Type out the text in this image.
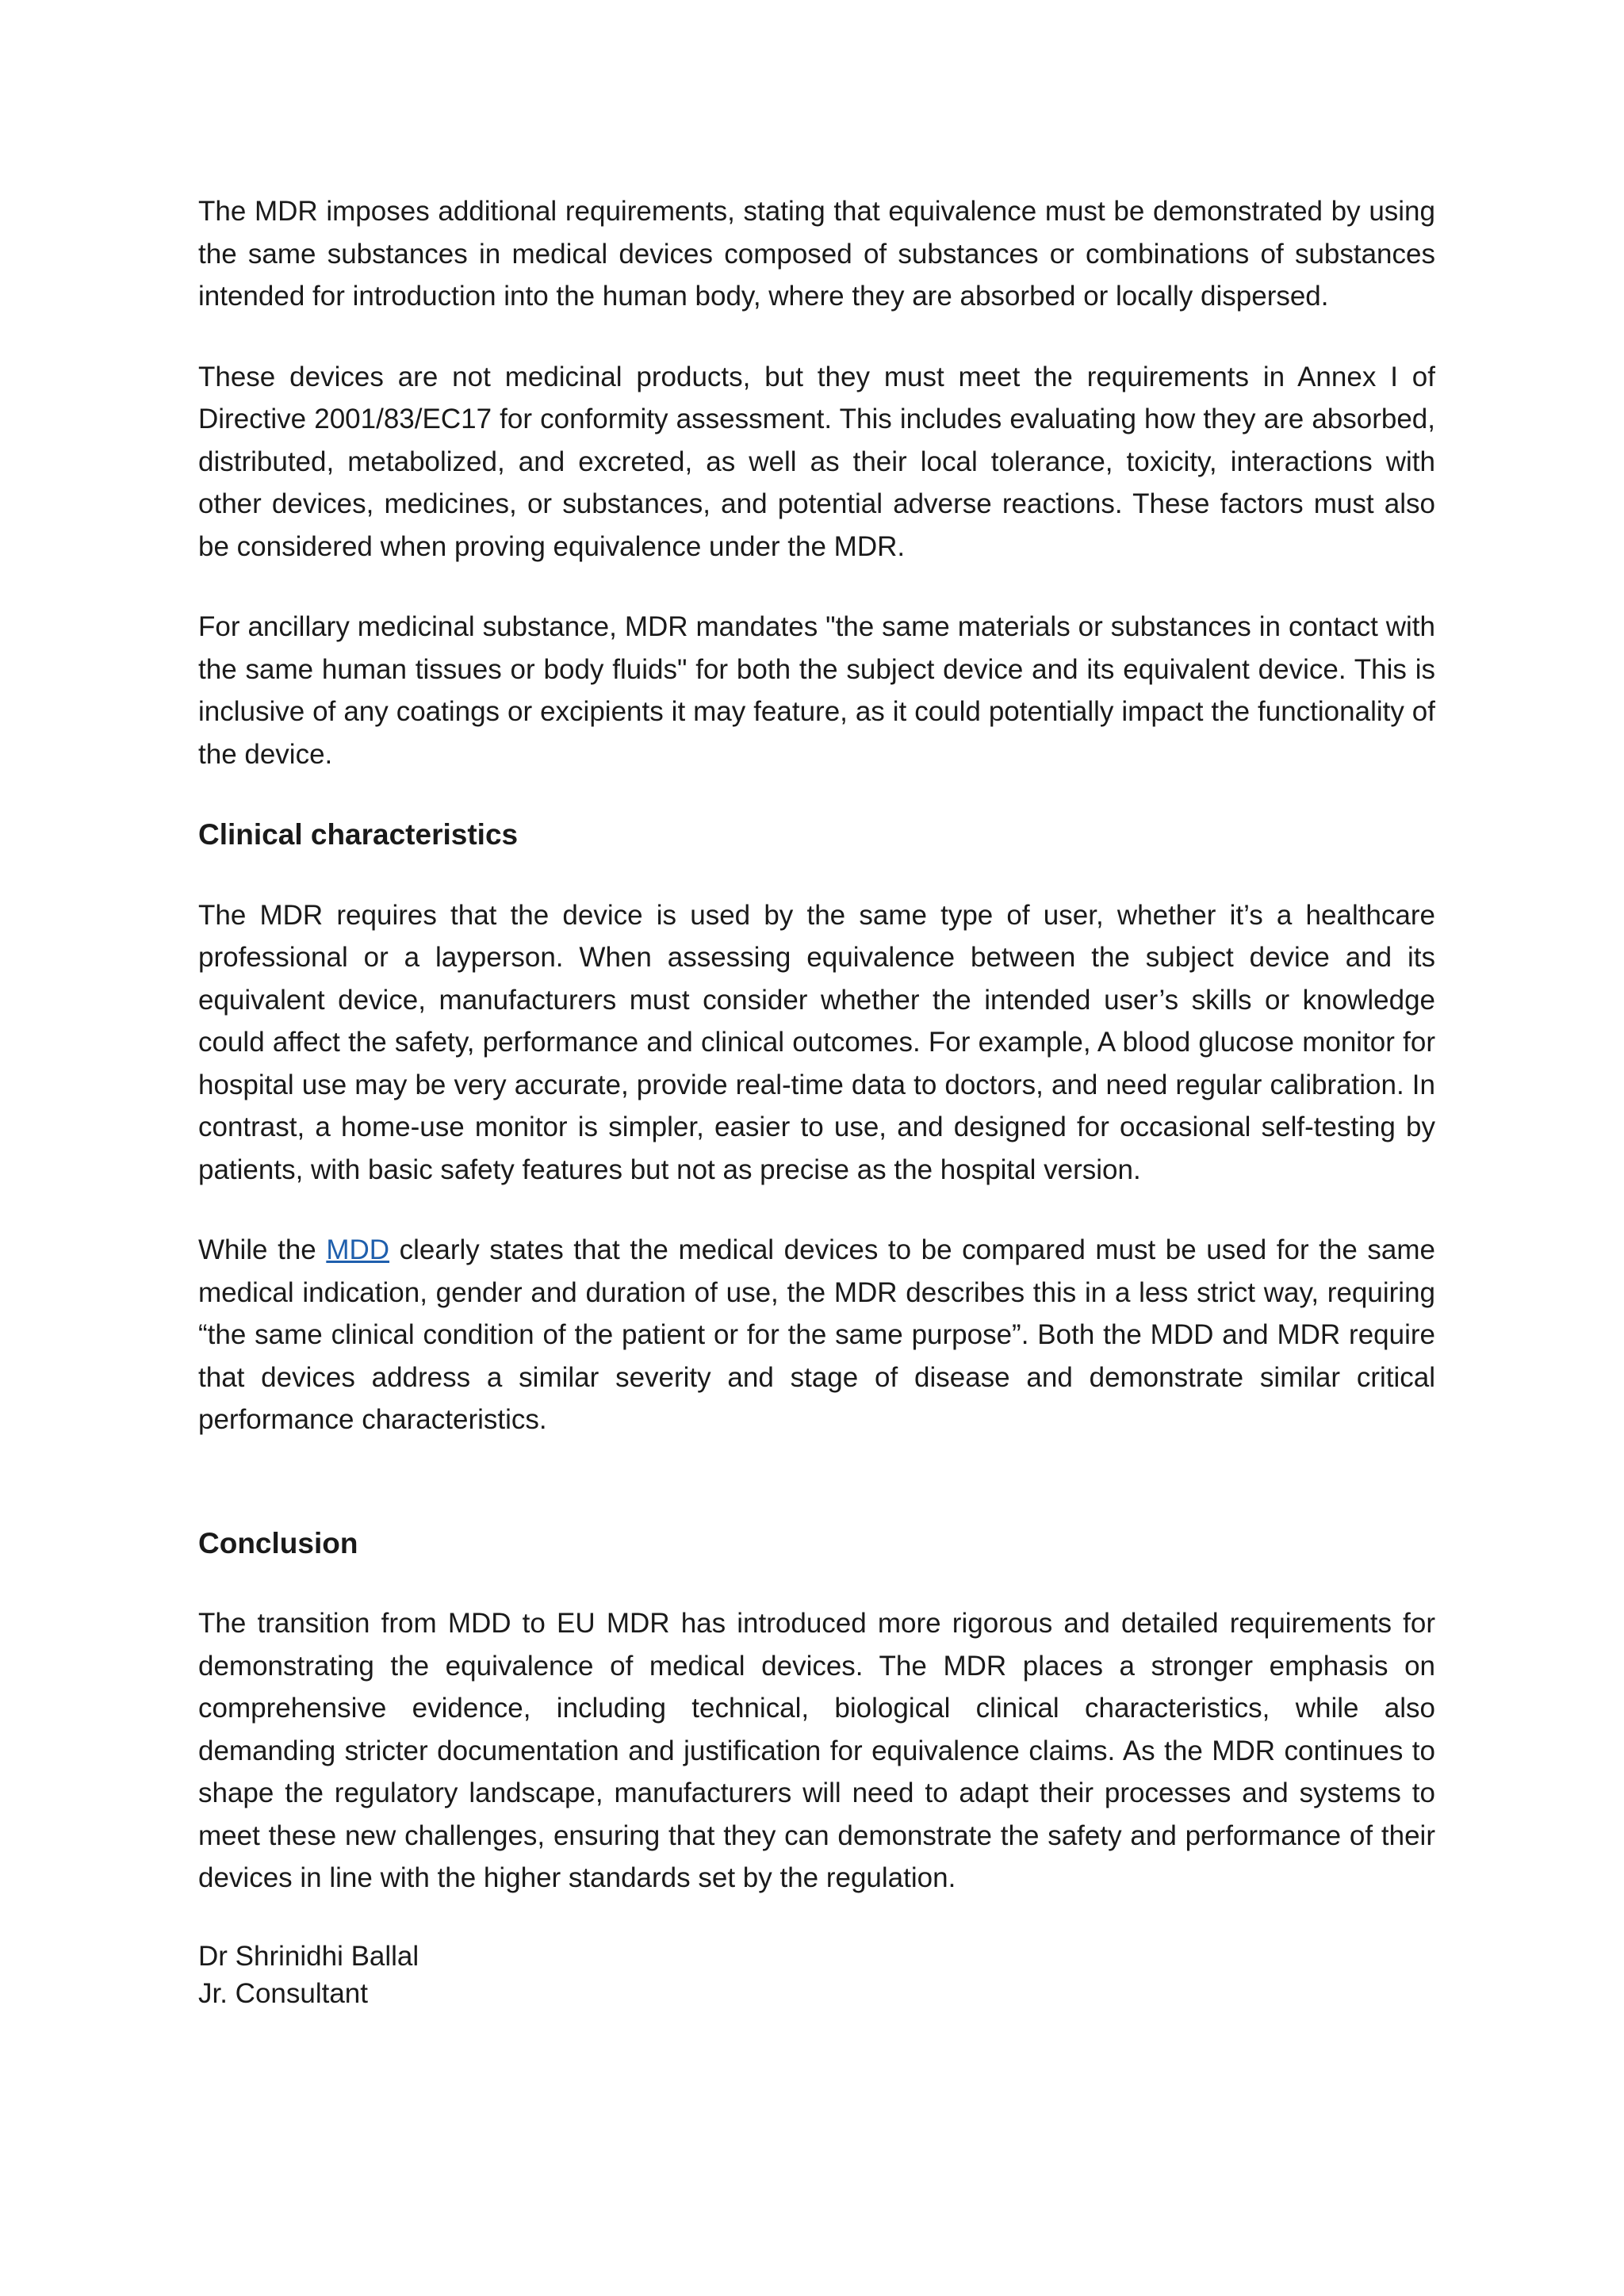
The MDR imposes additional requirements, stating that equivalence must be demonstrated by using the same substances in medical devices composed of substances or combinations of substances intended for introduction into the human body, where they are absorbed or locally dispersed.

These devices are not medicinal products, but they must meet the requirements in Annex I of Directive 2001/83/EC17 for conformity assessment. This includes evaluating how they are absorbed, distributed, metabolized, and excreted, as well as their local tolerance, toxicity, interactions with other devices, medicines, or substances, and potential adverse reactions. These factors must also be considered when proving equivalence under the MDR.

For ancillary medicinal substance, MDR mandates "the same materials or substances in contact with the same human tissues or body fluids" for both the subject device and its equivalent device. This is inclusive of any coatings or excipients it may feature, as it could potentially impact the functionality of the device.

Clinical characteristics

The MDR requires that the device is used by the same type of user, whether it’s a healthcare professional or a layperson. When assessing equivalence between the subject device and its equivalent device, manufacturers must consider whether the intended user’s skills or knowledge could affect the safety, performance and clinical outcomes. For example, A blood glucose monitor for hospital use may be very accurate, provide real-time data to doctors, and need regular calibration. In contrast, a home-use monitor is simpler, easier to use, and designed for occasional self-testing by patients, with basic safety features but not as precise as the hospital version.

While the MDD clearly states that the medical devices to be compared must be used for the same medical indication, gender and duration of use, the MDR describes this in a less strict way, requiring “the same clinical condition of the patient or for the same purpose”. Both the MDD and MDR require that devices address a similar severity and stage of disease and demonstrate similar critical performance characteristics.

Conclusion

The transition from MDD to EU MDR has introduced more rigorous and detailed requirements for demonstrating the equivalence of medical devices. The MDR places a stronger emphasis on comprehensive evidence, including technical, biological clinical characteristics, while also demanding stricter documentation and justification for equivalence claims. As the MDR continues to shape the regulatory landscape, manufacturers will need to adapt their processes and systems to meet these new challenges, ensuring that they can demonstrate the safety and performance of their devices in line with the higher standards set by the regulation.

Dr Shrinidhi Ballal
Jr. Consultant
